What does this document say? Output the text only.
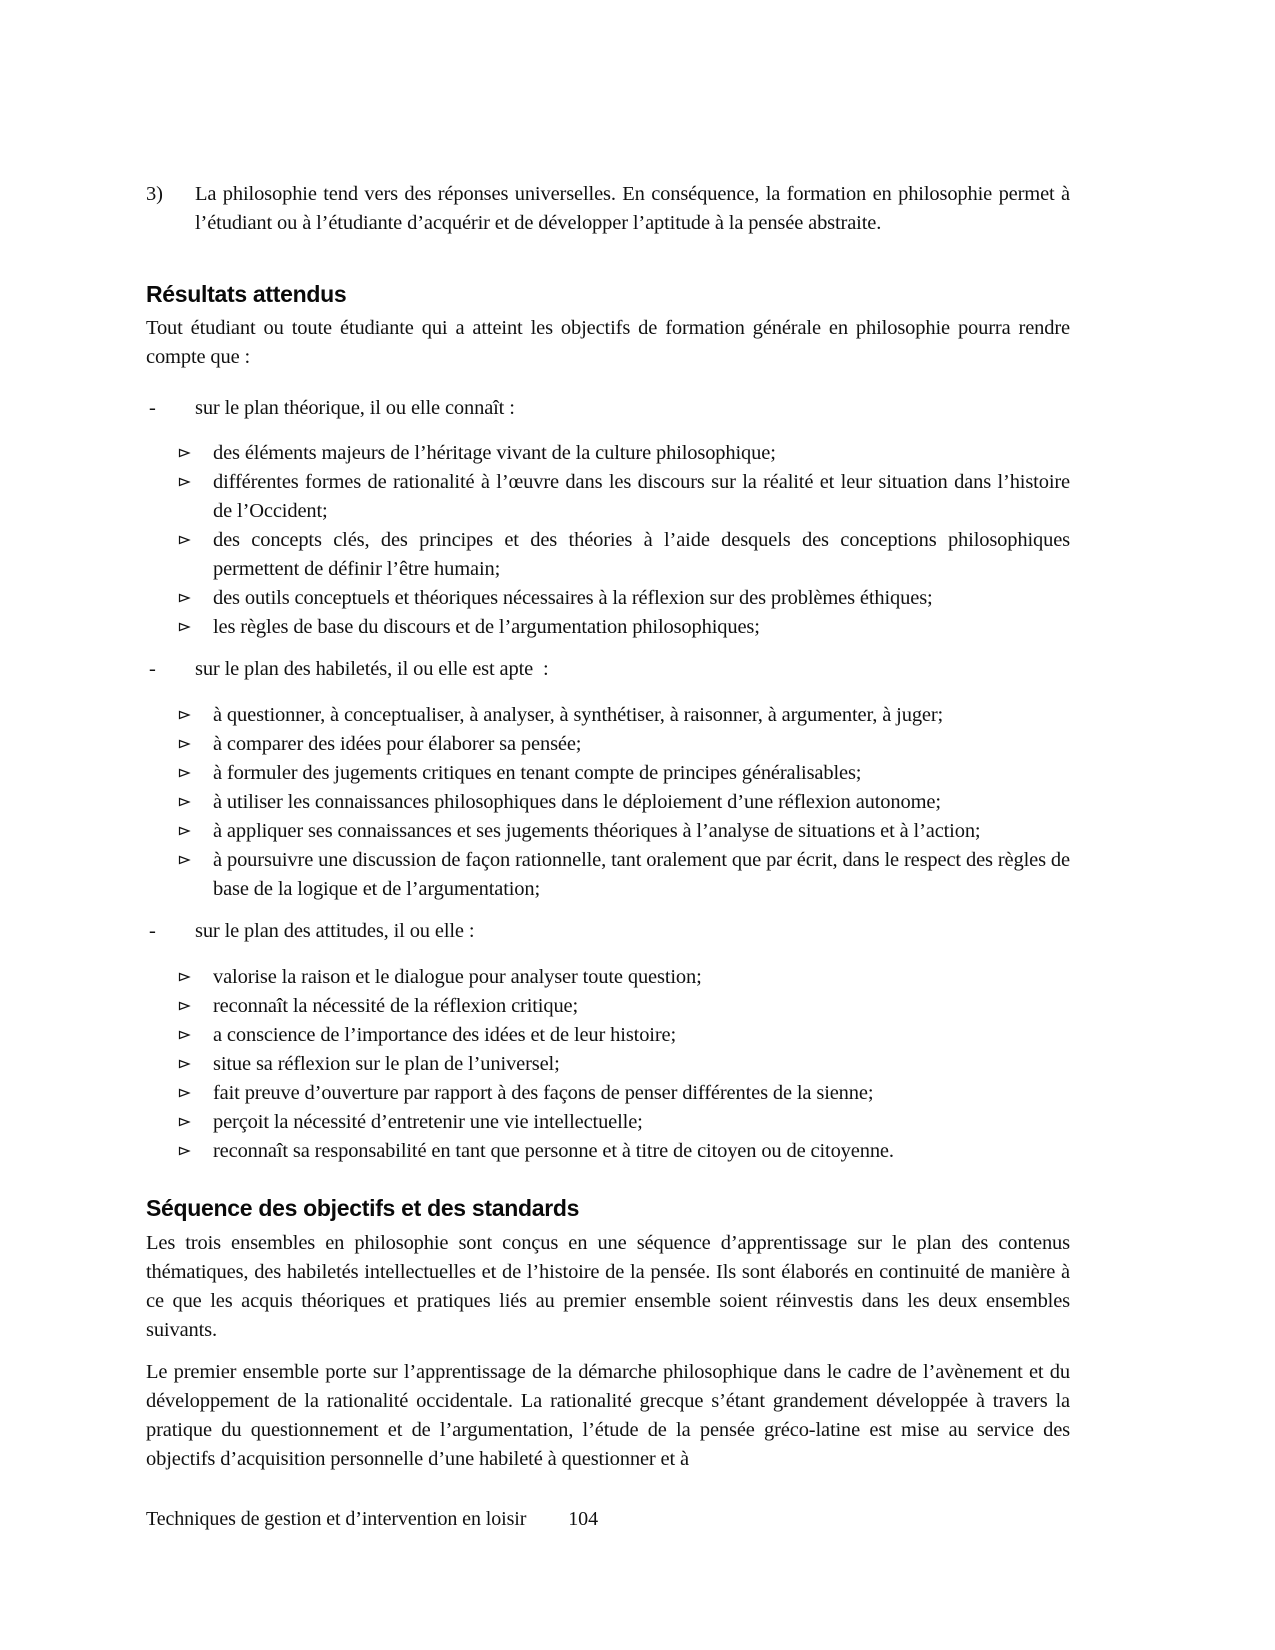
3)	La philosophie tend vers des réponses universelles. En conséquence, la formation en philosophie permet à l’étudiant ou à l’étudiante d’acquérir et de développer l’aptitude à la pensée abstraite.
Résultats attendus

Tout étudiant ou toute étudiante qui a atteint les objectifs de formation générale en philosophie pourra rendre compte que :

-	sur le plan théorique, il ou elle connaît :
des éléments majeurs de l’héritage vivant de la culture philosophique;
différentes formes de rationalité à l’œuvre dans les discours sur la réalité et leur situation dans l’histoire de l’Occident;
des concepts clés, des principes et des théories à l’aide desquels des conceptions philosophiques permettent de définir l’être humain;
des outils conceptuels et théoriques nécessaires à la réflexion sur des problèmes éthiques;
les règles de base du discours et de l’argumentation philosophiques;
-	sur le plan des habiletés, il ou elle est apte  :
à questionner, à conceptualiser, à analyser, à synthétiser, à raisonner, à argumenter, à juger;
à comparer des idées pour élaborer sa pensée;
à formuler des jugements critiques en tenant compte de principes généralisables;
à utiliser les connaissances philosophiques dans le déploiement d’une réflexion autonome;
à appliquer ses connaissances et ses jugements théoriques à l’analyse de situations et à l’action;
à poursuivre une discussion de façon rationnelle, tant oralement que par écrit, dans le respect des règles de base de la logique et de l’argumentation;
-	sur le plan des attitudes, il ou elle :
valorise la raison et le dialogue pour analyser toute question;
reconnaît la nécessité de la réflexion critique;
a conscience de l’importance des idées et de leur histoire;
situe sa réflexion sur le plan de l’universel;
fait preuve d’ouverture par rapport à des façons de penser différentes de la sienne;
perçoit la nécessité d’entretenir une vie intellectuelle;
reconnaît sa responsabilité en tant que personne et à titre de citoyen ou de citoyenne.
Séquence des objectifs et des standards

Les trois ensembles en philosophie sont conçus en une séquence d’apprentissage sur le plan des contenus thématiques, des habiletés intellectuelles et de l’histoire de la pensée. Ils sont élaborés en continuité de manière à ce que les acquis théoriques et pratiques liés au premier ensemble soient réinvestis dans les deux ensembles suivants.

Le premier ensemble porte sur l’apprentissage de la démarche philosophique dans le cadre de l’avènement et du développement de la rationalité occidentale. La rationalité grecque s’étant grandement développée à travers la pratique du questionnement et de l’argumentation, l’étude de la pensée gréco-latine est mise au service des objectifs d’acquisition personnelle d’une habileté à questionner et à

Techniques de gestion et d’intervention en loisir 104
